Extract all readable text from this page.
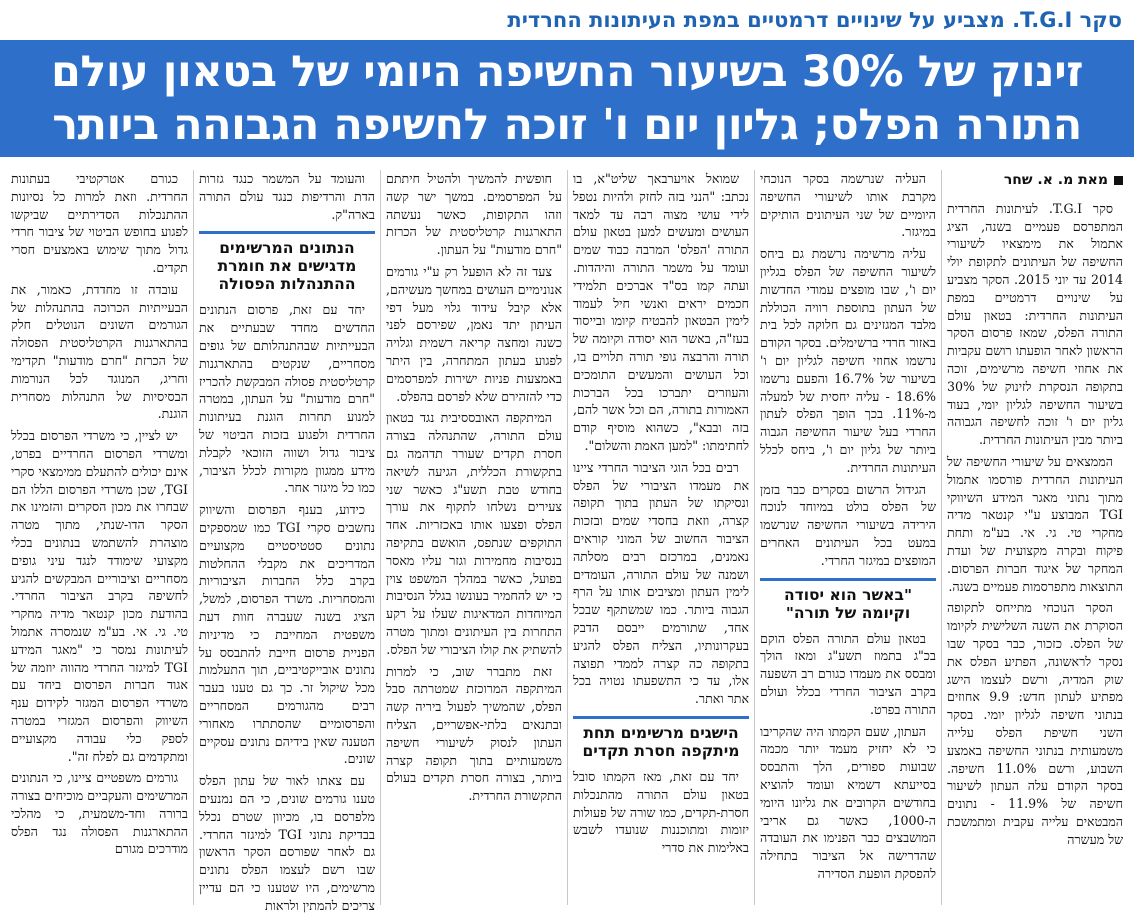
סקר T.G.I. מצביע על שינויים דרמטיים במפת העיתונות החרדית
זינוק של 30% בשיעור החשיפה היומי של בטאון עולם
התורה הפלס; גליון יום ו' זוכה לחשיפה הגבוהה ביותר
מאת מ. א. שחר

סקר T.G.I. לעיתונות החרדית המתפרסם פעמיים בשנה, הציג אתמול את מימצאיו לשיעורי החשיפה של העיתונים לתקופת יולי 2014 עד יוני 2015. הסקר מצביע על שינויים דרמטיים במפת העיתונות החרדית: בטאון עולם התורה הפלס, שמאז פרסום הסקר הראשון לאחר הופעתו רושם עקביות את אחוזי חשיפה מרשימים, זוכה בתקופה הנסקרת לזינוק של 30% בשיעור החשיפה לגליון יומי, בעוד גליון יום ו' זוכה לחשיפה הגבוהה ביותר מבין העיתונות החרדית.

הממצאים על שיעורי החשיפה של העיתונות החרדית פורסמו אתמול מתוך נתוני מאגר המידע השיווקי TGI המבוצע ע"י קנטאר מדיה מחקרי טי. גי. אי. בע"מ ותחת פיקוח ובקרה מקצועית של ועדת המחקר של איגוד חברות הפרסום. התוצאות מתפרסמות פעמיים בשנה.

הסקר הנוכחי מתייחס לתקופה הסוקרת את השנה השלישית לקיומו של הפלס. כזכור, כבר בסקר שבו נסקר לראשונה, הפתיע הפלס את שוק המדיה, ורשם לעצמו הישג מפתיע לעתון חדש: 9.9 אחוזים בנתוני חשיפה לגליון יומי. בסקר השני חשיפת הפלס עלייה משמעותית בנתוני החשיפה באמצע השבוע, ורשם 11.0% חשיפה. בסקר הקודם עלה העתון לשיעור חשיפה של 11.9% - נתונים המבטאים עלייה עקבית ומתמשכת של מעשרה

העליה שנרשמה בסקר הנוכחי מקרבת אותו לשיעורי החשיפה היומיים של שני העיתונים הותיקים במיגזר.

עליה מרשימה נרשמת גם ביחס לשיעור החשיפה של הפלס בגליון יום ו', שבו מופצים עמודי החדשות של העתון בתוספת רוויה הכוללת מלבד המגזינים גם חלוקה לכל בית באזור חרדי ברשימלים. בסקר הקודם נרשמו אחוזי חשיפה לגליון יום ו' בשיעור של 16.7% והפעם נרשמו 18.6% - עליה יחסית של למעלה מ-11%. בכך הופך הפלס לעתון החרדי בעל שיעור החשיפה הגבוה ביותר של גליון יום ו', ביחס לכלל העיתונות החרדית.

הגידול הרשום בסקרים כבר בזמן של הפלס בולט במיוחד לנוכח הירידה בשיעורי החשיפה שנרשמו במעט בכל העיתונים האחרים המופצים במיגזר החרדי.

"באשר הוא יסודה וקיומה של תורה"

בטאון עולם התורה הפלס הוקם בכ"ג בתמוז תשע"ג ומאז הולך ומבסס את מעמדו כגורם רב השפעה בקרב הציבור החרדי בכלל ועולם התורה בפרט.

העתון, שעם הקמתו היה שהקריבו כי לא יחזיק מעמד יותר מכמה שבועות ספורים, הלך והתבסס בסייעתא דשמיא ועומד להוציא בחודשים הקרובים את גליונו היומי ה-1000, כאשר גם אריבי המושבצים כבר הפנימו את העובדה שהדרישה אל הציבור בתחילה להפסקת הופעת הסדירה

שמואל אויערבאך שליט"א, בו נכתב: "הנני בזה לחזק ולהיות נטפל לידי עושי מצוה רבה עד למאד העושים ומעשים למען בטאון עולם התורה 'הפלס' המרבה כבוד שמים ועומד על משמר התורה והיהדות. ועתה קמו בס"ד אברכים תלמידי חכמים יראים ואנשי חיל לעמוד לימין הבטאון להבטיח קיומו ובייסוד בעז"ה, באשר הוא יסודה וקיומה של תורה והרבצה גופי תורה תלויים בו, וכל העושים והמעשים התומכים והעוזרים יתברכו בכל הברכות האמורות בתורה, הם וכל אשר להם, בזה ובבא", כשהוא מוסיף קודם לחתימתו: "למען האמת והשלום".

רבים בכל הוגי הציבור החרדי ציינו את מעמדו הציבורי של הפלס ונסיקתו של העתון בתוך תקופה קצרה, וזאת בחסדי שמים ובזכות הציבור החשוב של המוני קוראים נאמנים, במרכזם רבים מסלתה ושמנה של עולם התורה, העומדים לימין העתון ומציבים אותו על הרף הגבוה ביותר. כמו שמשתקף שבכל אחד, שתורמים ייבסם הדבק בעקרונותיו, הצליח הפלס להגיע בתקופה כה קצרה לממדי תפוצה אלו, עד כי התשפעתו נטויה בכל אתר ואתר.

הישגים מרשימים תחת מיתקפה חסרת תקדים

יחד עם זאת, מאז הקמתו סובל בטאון עולם התורה מהתנכלות חסרת-תקדים, כמו שורה של פעולות יזומות ומתוכננות שנועדו לשבש באלימות את סדרי

חופשית להמשיך ולהטיל חיתתם על המפרסמים. במשך ישר קשה וזהו התקופות, כאשר נעשתה התארגנות קרטליסטית של הכרזת "חרם מודעות" על העתון.

צעד זה לא הופעל רק ע"י גורמים אנונימיים העושים במחשך מעשיהם, אלא קיבל עידוד גלוי מעל דפי העיתון יתד נאמן, שפירסם לפני כשנה ומחצה קריאה רשמית וגלויה לפגוע בעתון המתחרה, בין היתר באמצעות פניות ישירות למפרסמים כדי להזהירם שלא לפרסם בהפלס.

המיתקפה האובססיבית נגד בטאון עולם התורה, שהתנהלה בצורה חסרת תקדים שעורר תדהמה גם בתקשורת הכללית, הגיעה לשיאה בחודש טבת תשע"ג כאשר שני צעירים נשלחו לתקוף את עורך הפלס ופצעו אותו באכזריות. אחד התוקפים שנתפס, הואשם בתקיפה בנסיבות מחמירות וגזר עליו מאסר בפועל, כאשר במהלך המשפט צוין כי יש להחמיר בעונשו בגלל הנסיבות המיוחדות המדאיגות שעלו על רקע התחרות בין העיתונים ומתוך מטרה להשתיק את קולו הציבורי של הפלס.

זאת מתברר שוב, כי למרות המיתקפה המרוכזת שמטרתה סבל הפלס, שהמשיך לפעול ביריה קשה ובתנאים בלתי-אפשריים, הצליח העתון לנסוק לשיעורי חשיפה משמעותיים בתוך תקופה קצרה ביותר, בצורה חסרת תקדים בעולם התקשורת החרדית.

והעומד על המשמר כנגד גזרות הדת והרדיפות כנגד עולם התורה בארה"ק.

הנתונים המרשימים מדגישים את חומרת ההתנהלות הפסולה

יחד עם זאת, פרסום הנתונים החדשים מחדד שבעתיים את הבעייתיות שבהתנהלותם של גופים מסחריים, שנקטים בהתארגנות קרטליסטית פסולה המבקשת להכריז "חרם מודעות" על העתון, במטרה למנוע תחרות הוגנת בעיתונות החרדית ולפגוע בזכות הביטוי של ציבור גדול ושווה הזוכאי לקבלת מידע ממגוון מקורות לכלל הציבור, כמו כל מיגזר אחר.

כידוע, בענף הפרסום והשיווק נחשבים סקרי TGI כמו שמספקים נתונים סטטיסטיים מקצועיים המדריכים את מקבלי ההחלטות בקרב כלל החברות הציבוריות והמסחריות. משרד הפרסום, למשל, הציג בשנה שעברה חוות דעת משפטית המחייבת כי מדיניות הפניית פרסום חייבת להתבסס על נתונים אובייקטיביים, תוך התעלמות מכל שיקול זר. כך גם טענו בעבר רבים מהגורמים המסחריים והפרסומיים שהסתתרו מאחורי הטענה שאין בידיהם נתונים עסקיים שונים.

עם צאתו לאור של עתון הפלס טענו גורמים שונים, כי הם נמנעים מלפרסם בו, מכיוון שטרם נכלל בבדיקת נתוני TGI למיגזר החרדי. גם לאחר שפורסם הסקר הראשון שבו רשם לעצמו הפלס נתונים מרשימים, היו שטענו כי הם עדיין צריכים להמתין ולראות

כגורם אטרקטיבי בעתונות החרדית. וזאת למרות כל נסיונות ההתנכלות הסדירתיים שביקשו לפגוע בחופש הביטוי של ציבור חרדי גדול מתוך שימוש באמצעים חסרי תקדים.

עובדה זו מחדדת, כאמור, את הבעייתיות הכרוכה בהתנהלות של הגורמים השונים הנוטלים חלק בהתארגנות הקרטליסטית הפסולה של הכרזת "חרם מודעות" תקדימי וחריג, המנוגד לכל הנורמות הבסיסיות של התנהלות מסחרית הוגנת.

יש לציין, כי משרדי הפרסום בכלל ומשרדי הפרסום החרדיים בפרט, אינם יכולים להתעלם ממימצאי סקרי TGI, שכן משרדי הפרסום הללו הם שבחרו את מכון הסקרים והזמינו את הסקר הדו-שנתי, מתוך מטרה מוצהרת להשתמש בנתונים בכלי מקצועי שימודד לנגד עיני גופים מסחריים וציבוריים המבקשים להגיע לחשיפה בקרב הציבור החרדי. בהודעת מכון קנטאר מדיה מחקרי טי. גי. אי. בע"מ שנמסרה אתמול לעיתונות נמסר כי "מאגר המידע TGI למיגזר החרדי מהווה יוזמה של אגוד חברות הפרסום ביחד עם משרדי הפרסום המגזר לקידום ענף השיווק והפרסום המגזרי במטרה לספק כלי עבודה מקצועיים ומתקדמים גם לפלח זה".

גורמים משפטיים ציינו, כי הנתונים המרשימים והעקביים מוכיחים בצורה ברורה וחד-משמעית, כי מהלכי ההתארגנות הפסולה נגד הפלס מודרכים מגורם
